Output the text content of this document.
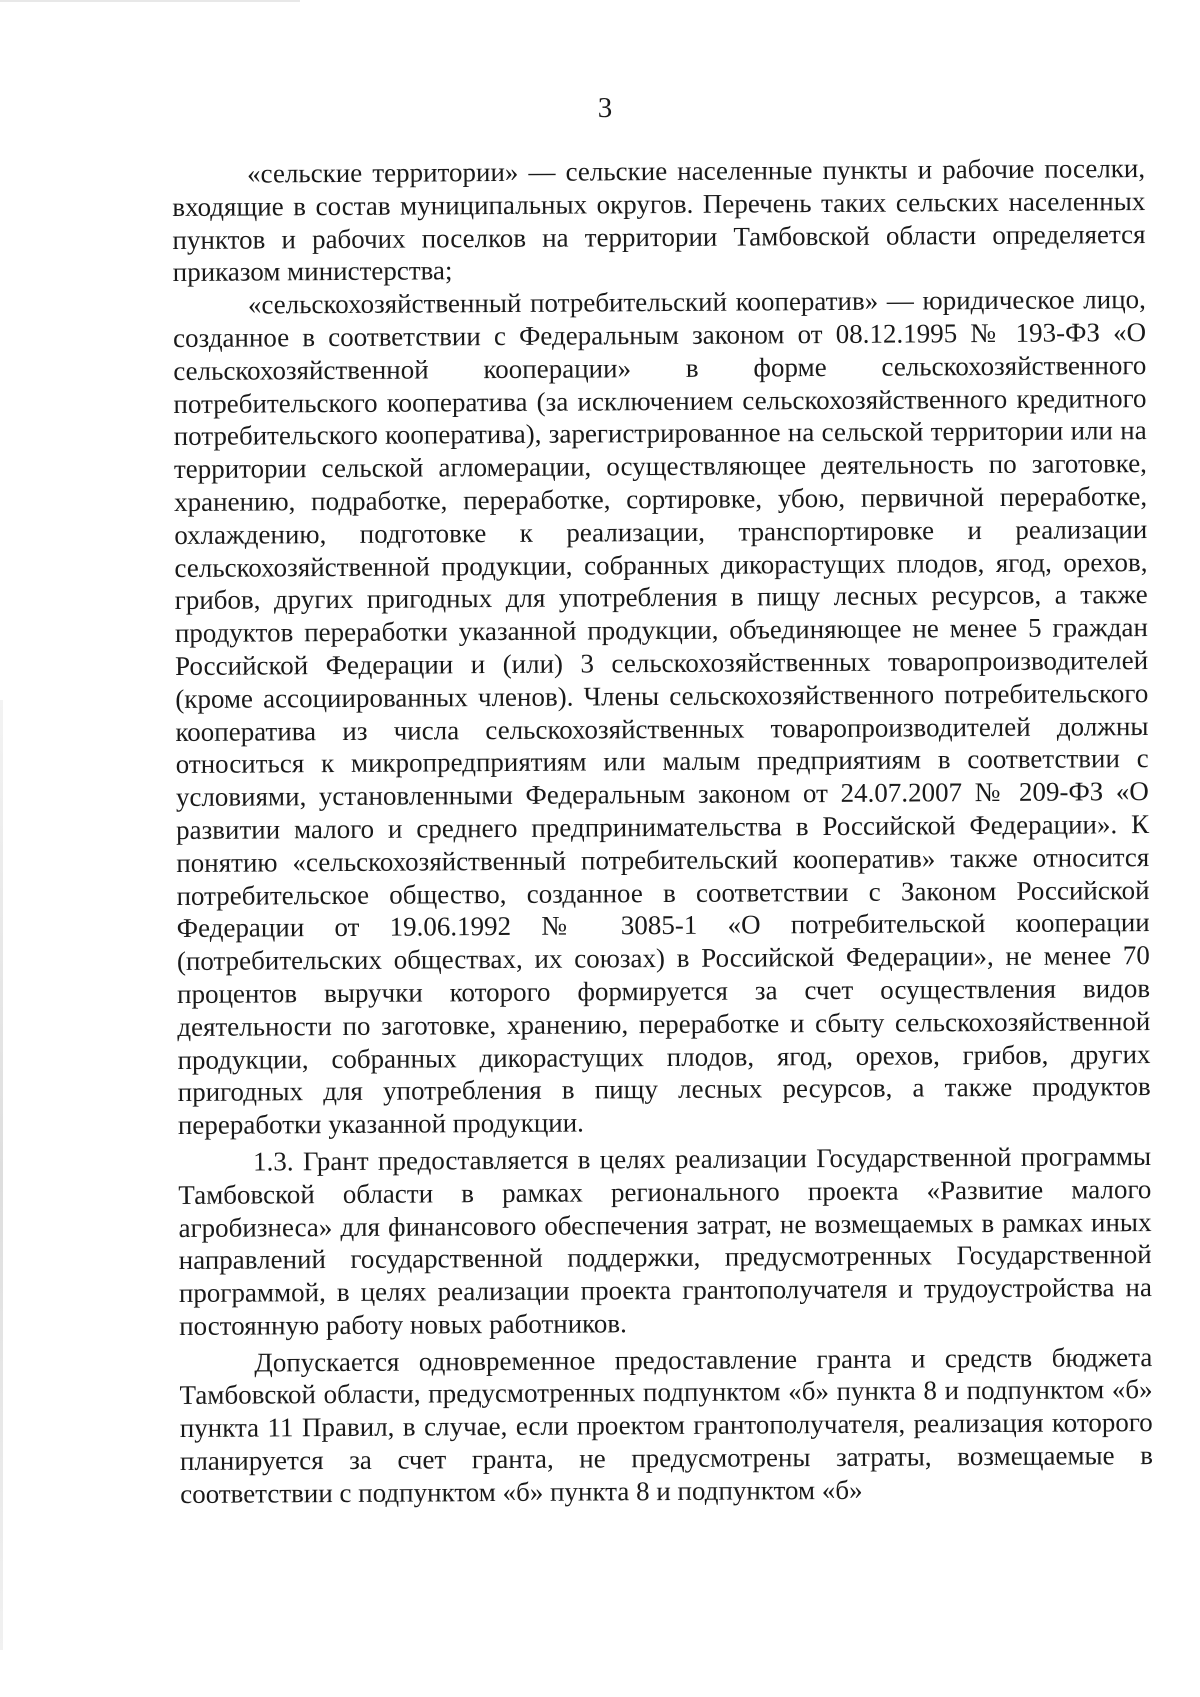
3

«сельские территории» — сельские населенные пункты и рабочие поселки, входящие в состав муниципальных округов. Перечень таких сельских населенных пунктов и рабочих поселков на территории Тамбовской области определяется приказом министерства;

«сельскохозяйственный потребительский кооператив» — юридическое лицо, созданное в соответствии с Федеральным законом от 08.12.1995 № 193-ФЗ «О сельскохозяйственной кооперации» в форме сельскохозяйственного потребительского кооператива (за исключением сельскохозяйственного кредитного потребительского кооператива), зарегистрированное на сельской территории или на территории сельской агломерации, осуществляющее деятельность по заготовке, хранению, подработке, переработке, сортировке, убою, первичной переработке, охлаждению, подготовке к реализации, транспортировке и реализации сельскохозяйственной продукции, собранных дикорастущих плодов, ягод, орехов, грибов, других пригодных для употребления в пищу лесных ресурсов, а также продуктов переработки указанной продукции, объединяющее не менее 5 граждан Российской Федерации и (или) 3 сельскохозяйственных товаропроизводителей (кроме ассоциированных членов). Члены сельскохозяйственного потребительского кооператива из числа сельскохозяйственных товаропроизводителей должны относиться к микропредприятиям или малым предприятиям в соответствии с условиями, установленными Федеральным законом от 24.07.2007 № 209-ФЗ «О развитии малого и среднего предпринимательства в Российской Федерации». К понятию «сельскохозяйственный потребительский кооператив» также относится потребительское общество, созданное в соответствии с Законом Российской Федерации от 19.06.1992 № 3085-1 «О потребительской кооперации (потребительских обществах, их союзах) в Российской Федерации», не менее 70 процентов выручки которого формируется за счет осуществления видов деятельности по заготовке, хранению, переработке и сбыту сельскохозяйственной продукции, собранных дикорастущих плодов, ягод, орехов, грибов, других пригодных для употребления в пищу лесных ресурсов, а также продуктов переработки указанной продукции.

1.3. Грант предоставляется в целях реализации Государственной программы Тамбовской области в рамках регионального проекта «Развитие малого агробизнеса» для финансового обеспечения затрат, не возмещаемых в рамках иных направлений государственной поддержки, предусмотренных Государственной программой, в целях реализации проекта грантополучателя и трудоустройства на постоянную работу новых работников.

Допускается одновременное предоставление гранта и средств бюджета Тамбовской области, предусмотренных подпунктом «б» пункта 8 и подпунктом «б» пункта 11 Правил, в случае, если проектом грантополучателя, реализация которого планируется за счет гранта, не предусмотрены затраты, возмещаемые в соответствии с подпунктом «б» пункта 8 и подпунктом «б»
